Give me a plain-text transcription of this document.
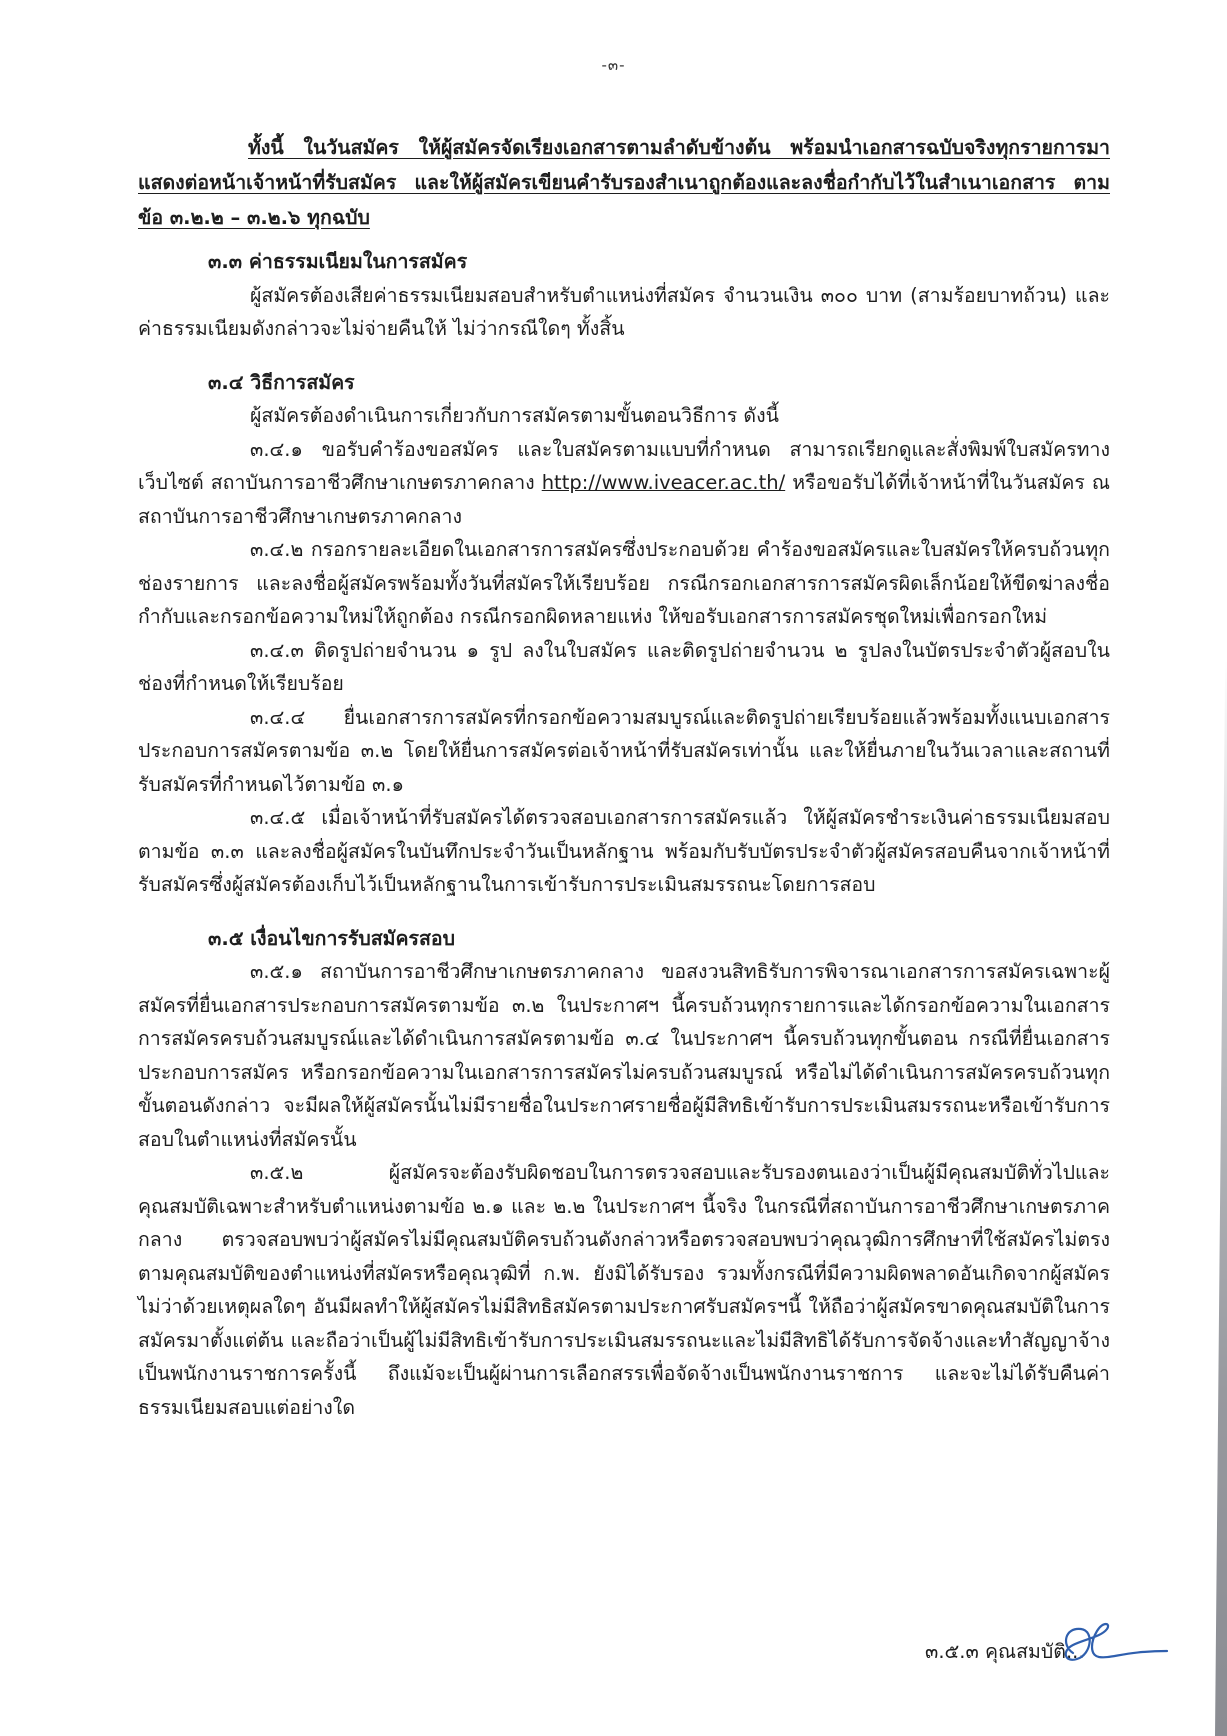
-๓-

ทั้งนี้ ในวันสมัคร ให้ผู้สมัครจัดเรียงเอกสารตามลำดับข้างต้น พร้อมนำเอกสารฉบับจริงทุกรายการมาแสดงต่อหน้าเจ้าหน้าที่รับสมัคร และให้ผู้สมัครเขียนคำรับรองสำเนาถูกต้องและลงชื่อกำกับไว้ในสำเนาเอกสาร ตามข้อ ๓.๒.๒ – ๓.๒.๖ ทุกฉบับ

๓.๓ ค่าธรรมเนียมในการสมัคร

ผู้สมัครต้องเสียค่าธรรมเนียมสอบสำหรับตำแหน่งที่สมัคร จำนวนเงิน ๓๐๐ บาท (สามร้อยบาทถ้วน) และค่าธรรมเนียมดังกล่าวจะไม่จ่ายคืนให้ ไม่ว่ากรณีใดๆ ทั้งสิ้น

๓.๔ วิธีการสมัคร

ผู้สมัครต้องดำเนินการเกี่ยวกับการสมัครตามขั้นตอนวิธีการ ดังนี้

๓.๔.๑ ขอรับคำร้องขอสมัคร และใบสมัครตามแบบที่กำหนด สามารถเรียกดูและสั่งพิมพ์ใบสมัครทางเว็บไซต์ สถาบันการอาชีวศึกษาเกษตรภาคกลาง http://www.iveacer.ac.th/ หรือขอรับได้ที่เจ้าหน้าที่ในวันสมัคร ณ สถาบันการอาชีวศึกษาเกษตรภาคกลาง

๓.๔.๒ กรอกรายละเอียดในเอกสารการสมัครซึ่งประกอบด้วย คำร้องขอสมัครและใบสมัครให้ครบถ้วนทุกช่องรายการ และลงชื่อผู้สมัครพร้อมทั้งวันที่สมัครให้เรียบร้อย กรณีกรอกเอกสารการสมัครผิดเล็กน้อยให้ขีดฆ่าลงชื่อกำกับและกรอกข้อความใหม่ให้ถูกต้อง กรณีกรอกผิดหลายแห่ง ให้ขอรับเอกสารการสมัครชุดใหม่เพื่อกรอกใหม่

๓.๔.๓ ติดรูปถ่ายจำนวน ๑ รูป ลงในใบสมัคร และติดรูปถ่ายจำนวน ๒ รูปลงในบัตรประจำตัวผู้สอบในช่องที่กำหนดให้เรียบร้อย

๓.๔.๔ ยื่นเอกสารการสมัครที่กรอกข้อความสมบูรณ์และติดรูปถ่ายเรียบร้อยแล้วพร้อมทั้งแนบเอกสารประกอบการสมัครตามข้อ ๓.๒ โดยให้ยื่นการสมัครต่อเจ้าหน้าที่รับสมัครเท่านั้น และให้ยื่นภายในวันเวลาและสถานที่รับสมัครที่กำหนดไว้ตามข้อ ๓.๑

๓.๔.๕ เมื่อเจ้าหน้าที่รับสมัครได้ตรวจสอบเอกสารการสมัครแล้ว ให้ผู้สมัครชำระเงินค่าธรรมเนียมสอบตามข้อ ๓.๓ และลงชื่อผู้สมัครในบันทึกประจำวันเป็นหลักฐาน พร้อมกับรับบัตรประจำตัวผู้สมัครสอบคืนจากเจ้าหน้าที่รับสมัครซึ่งผู้สมัครต้องเก็บไว้เป็นหลักฐานในการเข้ารับการประเมินสมรรถนะโดยการสอบ

๓.๕ เงื่อนไขการรับสมัครสอบ

๓.๕.๑ สถาบันการอาชีวศึกษาเกษตรภาคกลาง ขอสงวนสิทธิรับการพิจารณาเอกสารการสมัครเฉพาะผู้สมัครที่ยื่นเอกสารประกอบการสมัครตามข้อ ๓.๒ ในประกาศฯ นี้ครบถ้วนทุกรายการและได้กรอกข้อความในเอกสารการสมัครครบถ้วนสมบูรณ์และได้ดำเนินการสมัครตามข้อ ๓.๔ ในประกาศฯ นี้ครบถ้วนทุกขั้นตอน กรณีที่ยื่นเอกสารประกอบการสมัคร หรือกรอกข้อความในเอกสารการสมัครไม่ครบถ้วนสมบูรณ์ หรือไม่ได้ดำเนินการสมัครครบถ้วนทุกขั้นตอนดังกล่าว จะมีผลให้ผู้สมัครนั้นไม่มีรายชื่อในประกาศรายชื่อผู้มีสิทธิเข้ารับการประเมินสมรรถนะหรือเข้ารับการสอบในตำแหน่งที่สมัครนั้น

๓.๕.๒ ผู้สมัครจะต้องรับผิดชอบในการตรวจสอบและรับรองตนเองว่าเป็นผู้มีคุณสมบัติทั่วไปและคุณสมบัติเฉพาะสำหรับตำแหน่งตามข้อ ๒.๑ และ ๒.๒ ในประกาศฯ นี้จริง ในกรณีที่สถาบันการอาชีวศึกษาเกษตรภาคกลาง ตรวจสอบพบว่าผู้สมัครไม่มีคุณสมบัติครบถ้วนดังกล่าวหรือตรวจสอบพบว่าคุณวุฒิการศึกษาที่ใช้สมัครไม่ตรงตามคุณสมบัติของตำแหน่งที่สมัครหรือคุณวุฒิที่ ก.พ. ยังมิได้รับรอง รวมทั้งกรณีที่มีความผิดพลาดอันเกิดจากผู้สมัครไม่ว่าด้วยเหตุผลใดๆ อันมีผลทำให้ผู้สมัครไม่มีสิทธิสมัครตามประกาศรับสมัครฯนี้ ให้ถือว่าผู้สมัครขาดคุณสมบัติในการสมัครมาตั้งแต่ต้น และถือว่าเป็นผู้ไม่มีสิทธิเข้ารับการประเมินสมรรถนะและไม่มีสิทธิได้รับการจัดจ้างและทำสัญญาจ้างเป็นพนักงานราชการครั้งนี้ ถึงแม้จะเป็นผู้ผ่านการเลือกสรรเพื่อจัดจ้างเป็นพนักงานราชการ และจะไม่ได้รับคืนค่าธรรมเนียมสอบแต่อย่างใด

๓.๕.๓ คุณสมบัติ...
